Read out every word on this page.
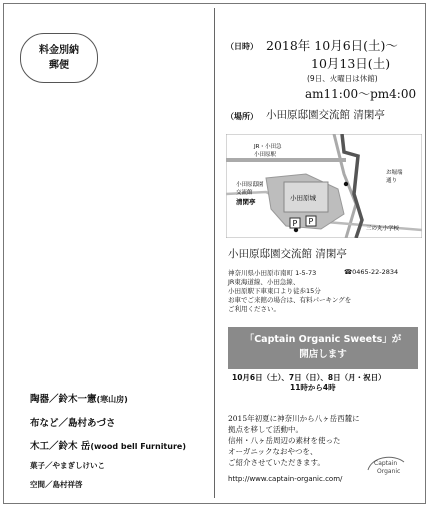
料金別納
郵便
（日時） 2018年 10月6日(土)～
10月13日(土)
(9日、火曜日は休館)
am11:00～pm4:00
（場所） 小田原邸園交流館 清閑亭
P P
JR・小田急
小田原駅
小田原邸園
交流館
清閑亭	小田原城
お堀端
通り
三の丸小学校
小田原邸園交流館 清閑亭
神奈川県小田原市南町 1-5-73	☎0465-22-2834
JR東海道線、小田急線、
小田原駅下車東口より徒歩15分
お車でご来館の場合は、有料パーキングを
ご利用ください。
「Captain Organic Sweets」が
開店します
10月6日（土）、7日（日）、8日（月・祝日）
11時から4時
2015年初夏に神奈川から八ヶ岳西麓に
拠点を移して活動中。
信州・八ヶ岳周辺の素材を使った
オーガニックなおやつを、
ご紹介させていただきます。	Captain
Organic
http://www.captain-organic.com/
陶器／鈴木一憲(寒山房)
布など／島村あづさ
木工／鈴木 岳(wood bell Furniture)
菓子／やまぎしけいこ
空間／島村祥啓
